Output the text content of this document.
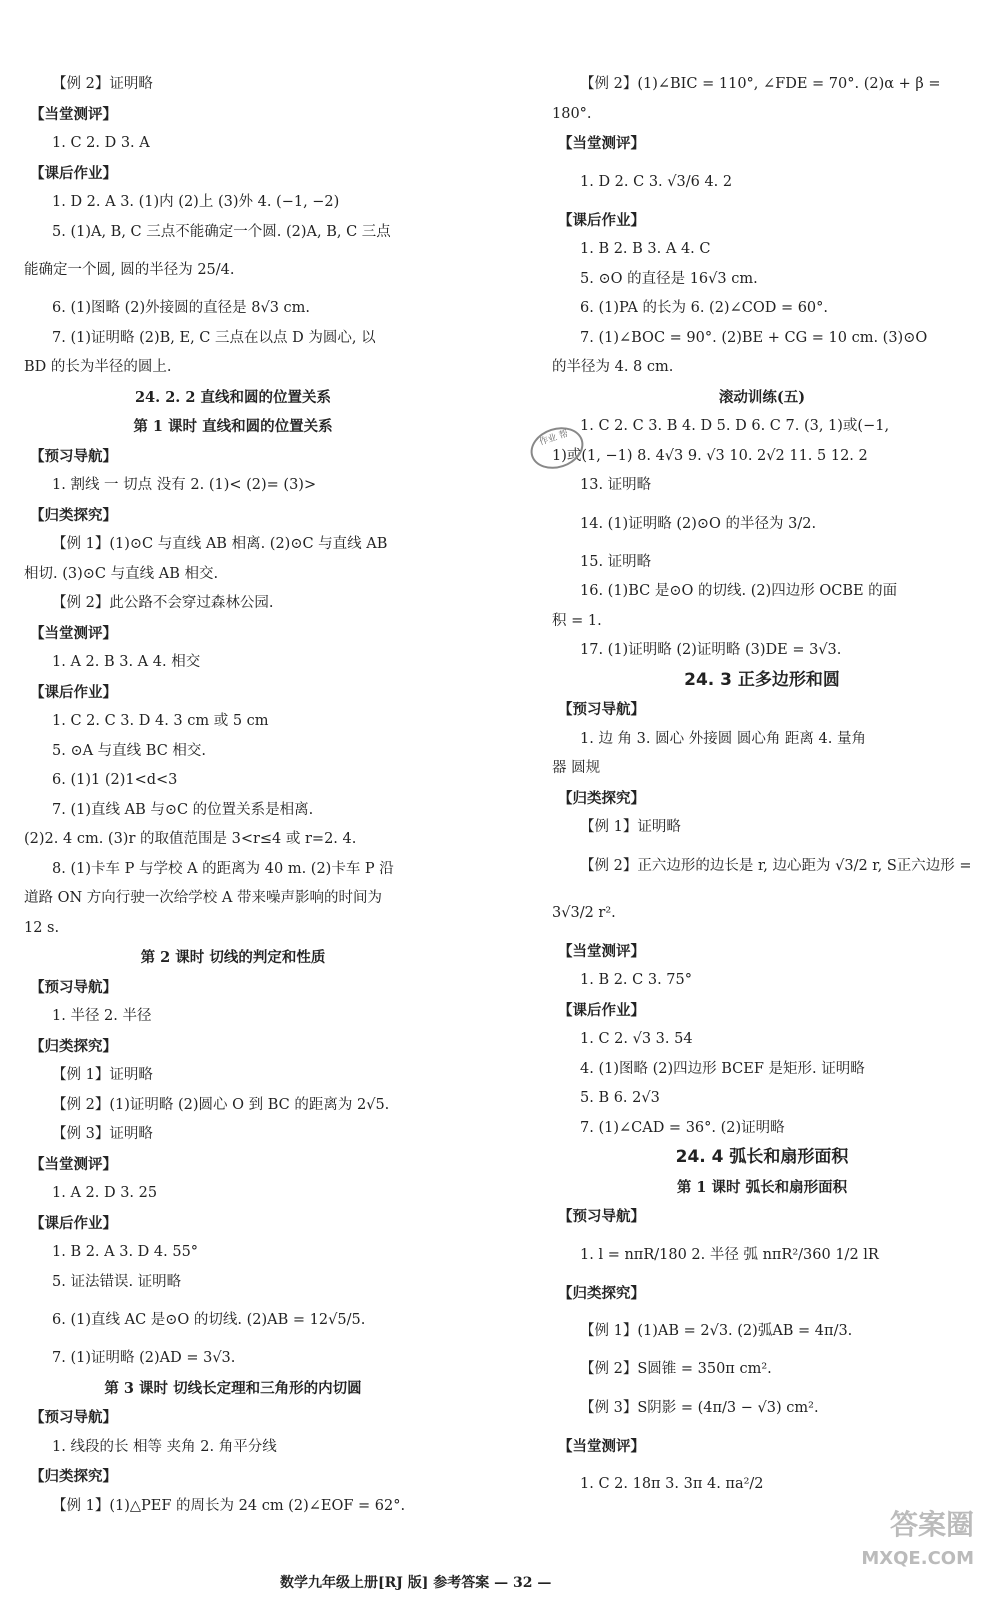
【例 2】证明略
【当堂测评】
1. C 2. D 3. A
【课后作业】
1. D 2. A 3. (1)内 (2)上 (3)外 4. (−1, −2)
5. (1)A, B, C 三点不能确定一个圆. (2)A, B, C 三点
能确定一个圆, 圆的半径为 25/4.
6. (1)图略 (2)外接圆的直径是 8√3 cm.
7. (1)证明略 (2)B, E, C 三点在以点 D 为圆心, 以
BD 的长为半径的圆上.
24. 2. 2 直线和圆的位置关系
第 1 课时 直线和圆的位置关系
【预习导航】
1. 割线 一 切点 没有 2. (1)< (2)= (3)>
【归类探究】
【例 1】(1)⊙C 与直线 AB 相离. (2)⊙C 与直线 AB
相切. (3)⊙C 与直线 AB 相交.
【例 2】此公路不会穿过森林公园.
【当堂测评】
1. A 2. B 3. A 4. 相交
【课后作业】
1. C 2. C 3. D 4. 3 cm 或 5 cm
5. ⊙A 与直线 BC 相交.
6. (1)1 (2)1<d<3
7. (1)直线 AB 与⊙C 的位置关系是相离.
(2)2. 4 cm. (3)r 的取值范围是 3<r≤4 或 r=2. 4.
8. (1)卡车 P 与学校 A 的距离为 40 m. (2)卡车 P 沿
道路 ON 方向行驶一次给学校 A 带来噪声影响的时间为
12 s.
第 2 课时 切线的判定和性质
【预习导航】
1. 半径 2. 半径
【归类探究】
【例 1】证明略
【例 2】(1)证明略 (2)圆心 O 到 BC 的距离为 2√5.
【例 3】证明略
【当堂测评】
1. A 2. D 3. 25
【课后作业】
1. B 2. A 3. D 4. 55°
5. 证法错误. 证明略
6. (1)直线 AC 是⊙O 的切线. (2)AB = 12√5/5.
7. (1)证明略 (2)AD = 3√3.
第 3 课时 切线长定理和三角形的内切圆
【预习导航】
1. 线段的长 相等 夹角 2. 角平分线
【归类探究】
【例 1】(1)△PEF 的周长为 24 cm (2)∠EOF = 62°.
【例 2】(1)∠BIC = 110°, ∠FDE = 70°. (2)α + β =
180°.
【当堂测评】
1. D 2. C 3. √3/6 4. 2
【课后作业】
1. B 2. B 3. A 4. C
5. ⊙O 的直径是 16√3 cm.
6. (1)PA 的长为 6. (2)∠COD = 60°.
7. (1)∠BOC = 90°. (2)BE + CG = 10 cm. (3)⊙O
的半径为 4. 8 cm.
滚动训练(五)
1. C 2. C 3. B 4. D 5. D 6. C 7. (3, 1)或(−1,
1)或(1, −1) 8. 4√3 9. √3 10. 2√2 11. 5 12. 2
13. 证明略
14. (1)证明略 (2)⊙O 的半径为 3/2.
15. 证明略
16. (1)BC 是⊙O 的切线. (2)四边形 OCBE 的面
积 = 1.
17. (1)证明略 (2)证明略 (3)DE = 3√3.
24. 3 正多边形和圆
【预习导航】
1. 边 角 3. 圆心 外接圆 圆心角 距离 4. 量角
器 圆规
【归类探究】
【例 1】证明略
【例 2】正六边形的边长是 r, 边心距为 √3/2 r, S正六边形 =
3√3/2 r².
【当堂测评】
1. B 2. C 3. 75°
【课后作业】
1. C 2. √3 3. 54
4. (1)图略 (2)四边形 BCEF 是矩形. 证明略
5. B 6. 2√3
7. (1)∠CAD = 36°. (2)证明略
24. 4 弧长和扇形面积
第 1 课时 弧长和扇形面积
【预习导航】
1. l = nπR/180 2. 半径 弧 nπR²/360 1/2 lR
【归类探究】
【例 1】(1)AB = 2√3. (2)弧AB = 4π/3.
【例 2】S圆锥 = 350π cm².
【例 3】S阴影 = (4π/3 − √3) cm².
【当堂测评】
1. C 2. 18π 3. 3π 4. πa²/2
作业 帮
答案圈
MXQE.COM
数学九年级上册[RJ 版] 参考答案 — 32 —
